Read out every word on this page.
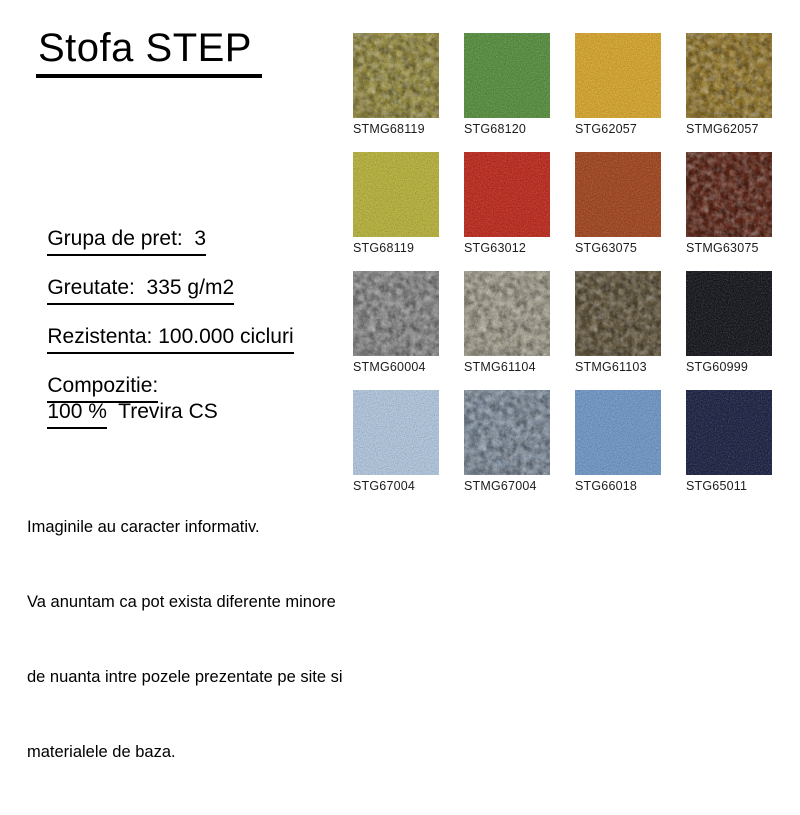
Stofa STEP

Grupa de pret:  3

Greutate:  335 g/m2

Rezistenta: 100.000 cicluri

Compozitie:

100 %  Trevira CS

Imaginile au caracter informativ.

Va anuntam ca pot exista diferente minore

de nuanta intre pozele prezentate pe site si

materialele de baza.

STMG68119	STG68120	STG62057	STMG62057
STG68119	STG63012	STG63075	STMG63075
STMG60004	STMG61104	STMG61103	STG60999
STG67004	STMG67004	STG66018	STG65011
